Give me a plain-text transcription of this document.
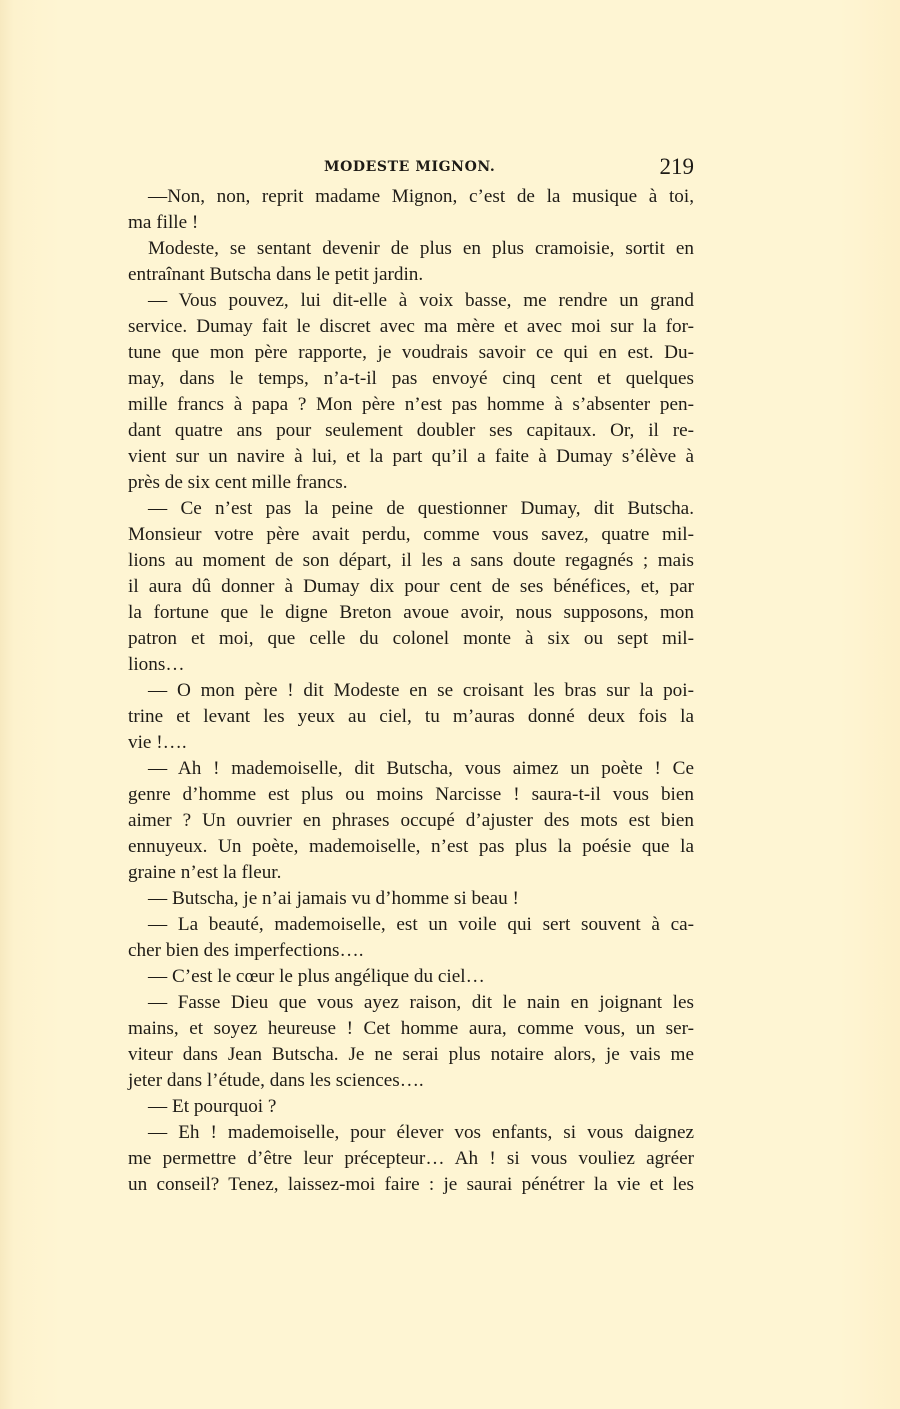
MODESTE MIGNON.	219
—Non, non, reprit madame Mignon, c’est de la musique à toi,
ma fille !
Modeste, se sentant devenir de plus en plus cramoisie, sortit en
entraînant Butscha dans le petit jardin.
— Vous pouvez, lui dit-elle à voix basse, me rendre un grand
service. Dumay fait le discret avec ma mère et avec moi sur la for-
tune que mon père rapporte, je voudrais savoir ce qui en est. Du-
may, dans le temps, n’a-t-il pas envoyé cinq cent et quelques
mille francs à papa ? Mon père n’est pas homme à s’absenter pen-
dant quatre ans pour seulement doubler ses capitaux. Or, il re-
vient sur un navire à lui, et la part qu’il a faite à Dumay s’élève à
près de six cent mille francs.
— Ce n’est pas la peine de questionner Dumay, dit Butscha.
Monsieur votre père avait perdu, comme vous savez, quatre mil-
lions au moment de son départ, il les a sans doute regagnés ; mais
il aura dû donner à Dumay dix pour cent de ses bénéfices, et, par
la fortune que le digne Breton avoue avoir, nous supposons, mon
patron et moi, que celle du colonel monte à six ou sept mil-
lions…
— O mon père ! dit Modeste en se croisant les bras sur la poi-
trine et levant les yeux au ciel, tu m’auras donné deux fois la
vie !….
— Ah ! mademoiselle, dit Butscha, vous aimez un poète ! Ce
genre d’homme est plus ou moins Narcisse ! saura-t-il vous bien
aimer ? Un ouvrier en phrases occupé d’ajuster des mots est bien
ennuyeux. Un poète, mademoiselle, n’est pas plus la poésie que la
graine n’est la fleur.
— Butscha, je n’ai jamais vu d’homme si beau !
— La beauté, mademoiselle, est un voile qui sert souvent à ca-
cher bien des imperfections….
— C’est le cœur le plus angélique du ciel…
— Fasse Dieu que vous ayez raison, dit le nain en joignant les
mains, et soyez heureuse ! Cet homme aura, comme vous, un ser-
viteur dans Jean Butscha. Je ne serai plus notaire alors, je vais me
jeter dans l’étude, dans les sciences….
— Et pourquoi ?
— Eh ! mademoiselle, pour élever vos enfants, si vous daignez
me permettre d’être leur précepteur… Ah ! si vous vouliez agréer
un conseil? Tenez, laissez-moi faire : je saurai pénétrer la vie et les
